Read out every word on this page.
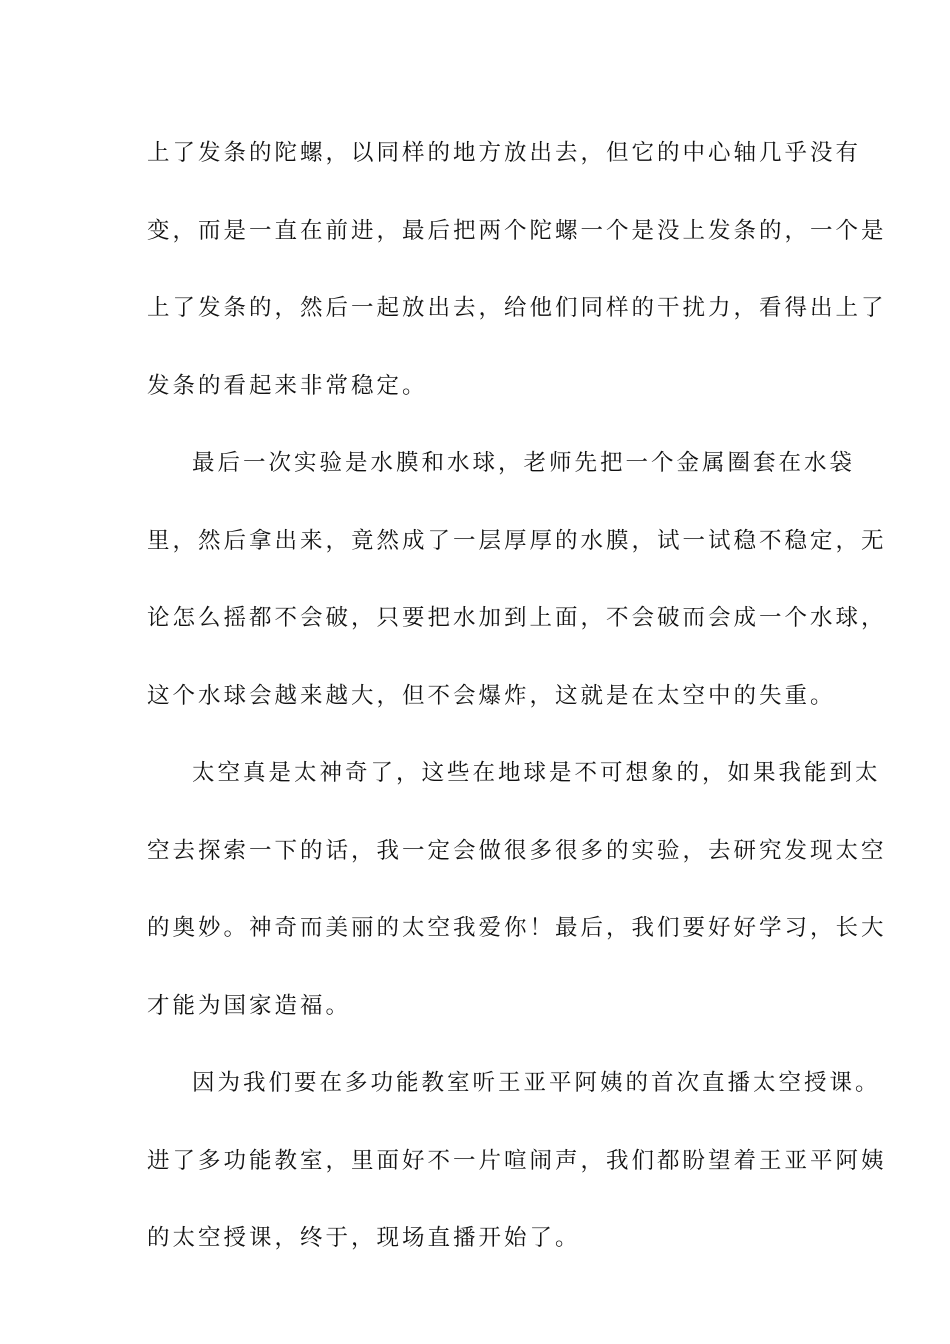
上了发条的陀螺，以同样的地方放出去，但它的中心轴几乎没有
变，而是一直在前进，最后把两个陀螺一个是没上发条的，一个是
上了发条的，然后一起放出去，给他们同样的干扰力，看得出上了
发条的看起来非常稳定。
最后一次实验是水膜和水球，老师先把一个金属圈套在水袋
里，然后拿出来，竟然成了一层厚厚的水膜，试一试稳不稳定，无
论怎么摇都不会破，只要把水加到上面，不会破而会成一个水球，
这个水球会越来越大，但不会爆炸，这就是在太空中的失重。
太空真是太神奇了，这些在地球是不可想象的，如果我能到太
空去探索一下的话，我一定会做很多很多的实验，去研究发现太空
的奥妙。神奇而美丽的太空我爱你！最后，我们要好好学习，长大
才能为国家造福。
因为我们要在多功能教室听王亚平阿姨的首次直播太空授课。
进了多功能教室，里面好不一片喧闹声，我们都盼望着王亚平阿姨
的太空授课，终于，现场直播开始了。
